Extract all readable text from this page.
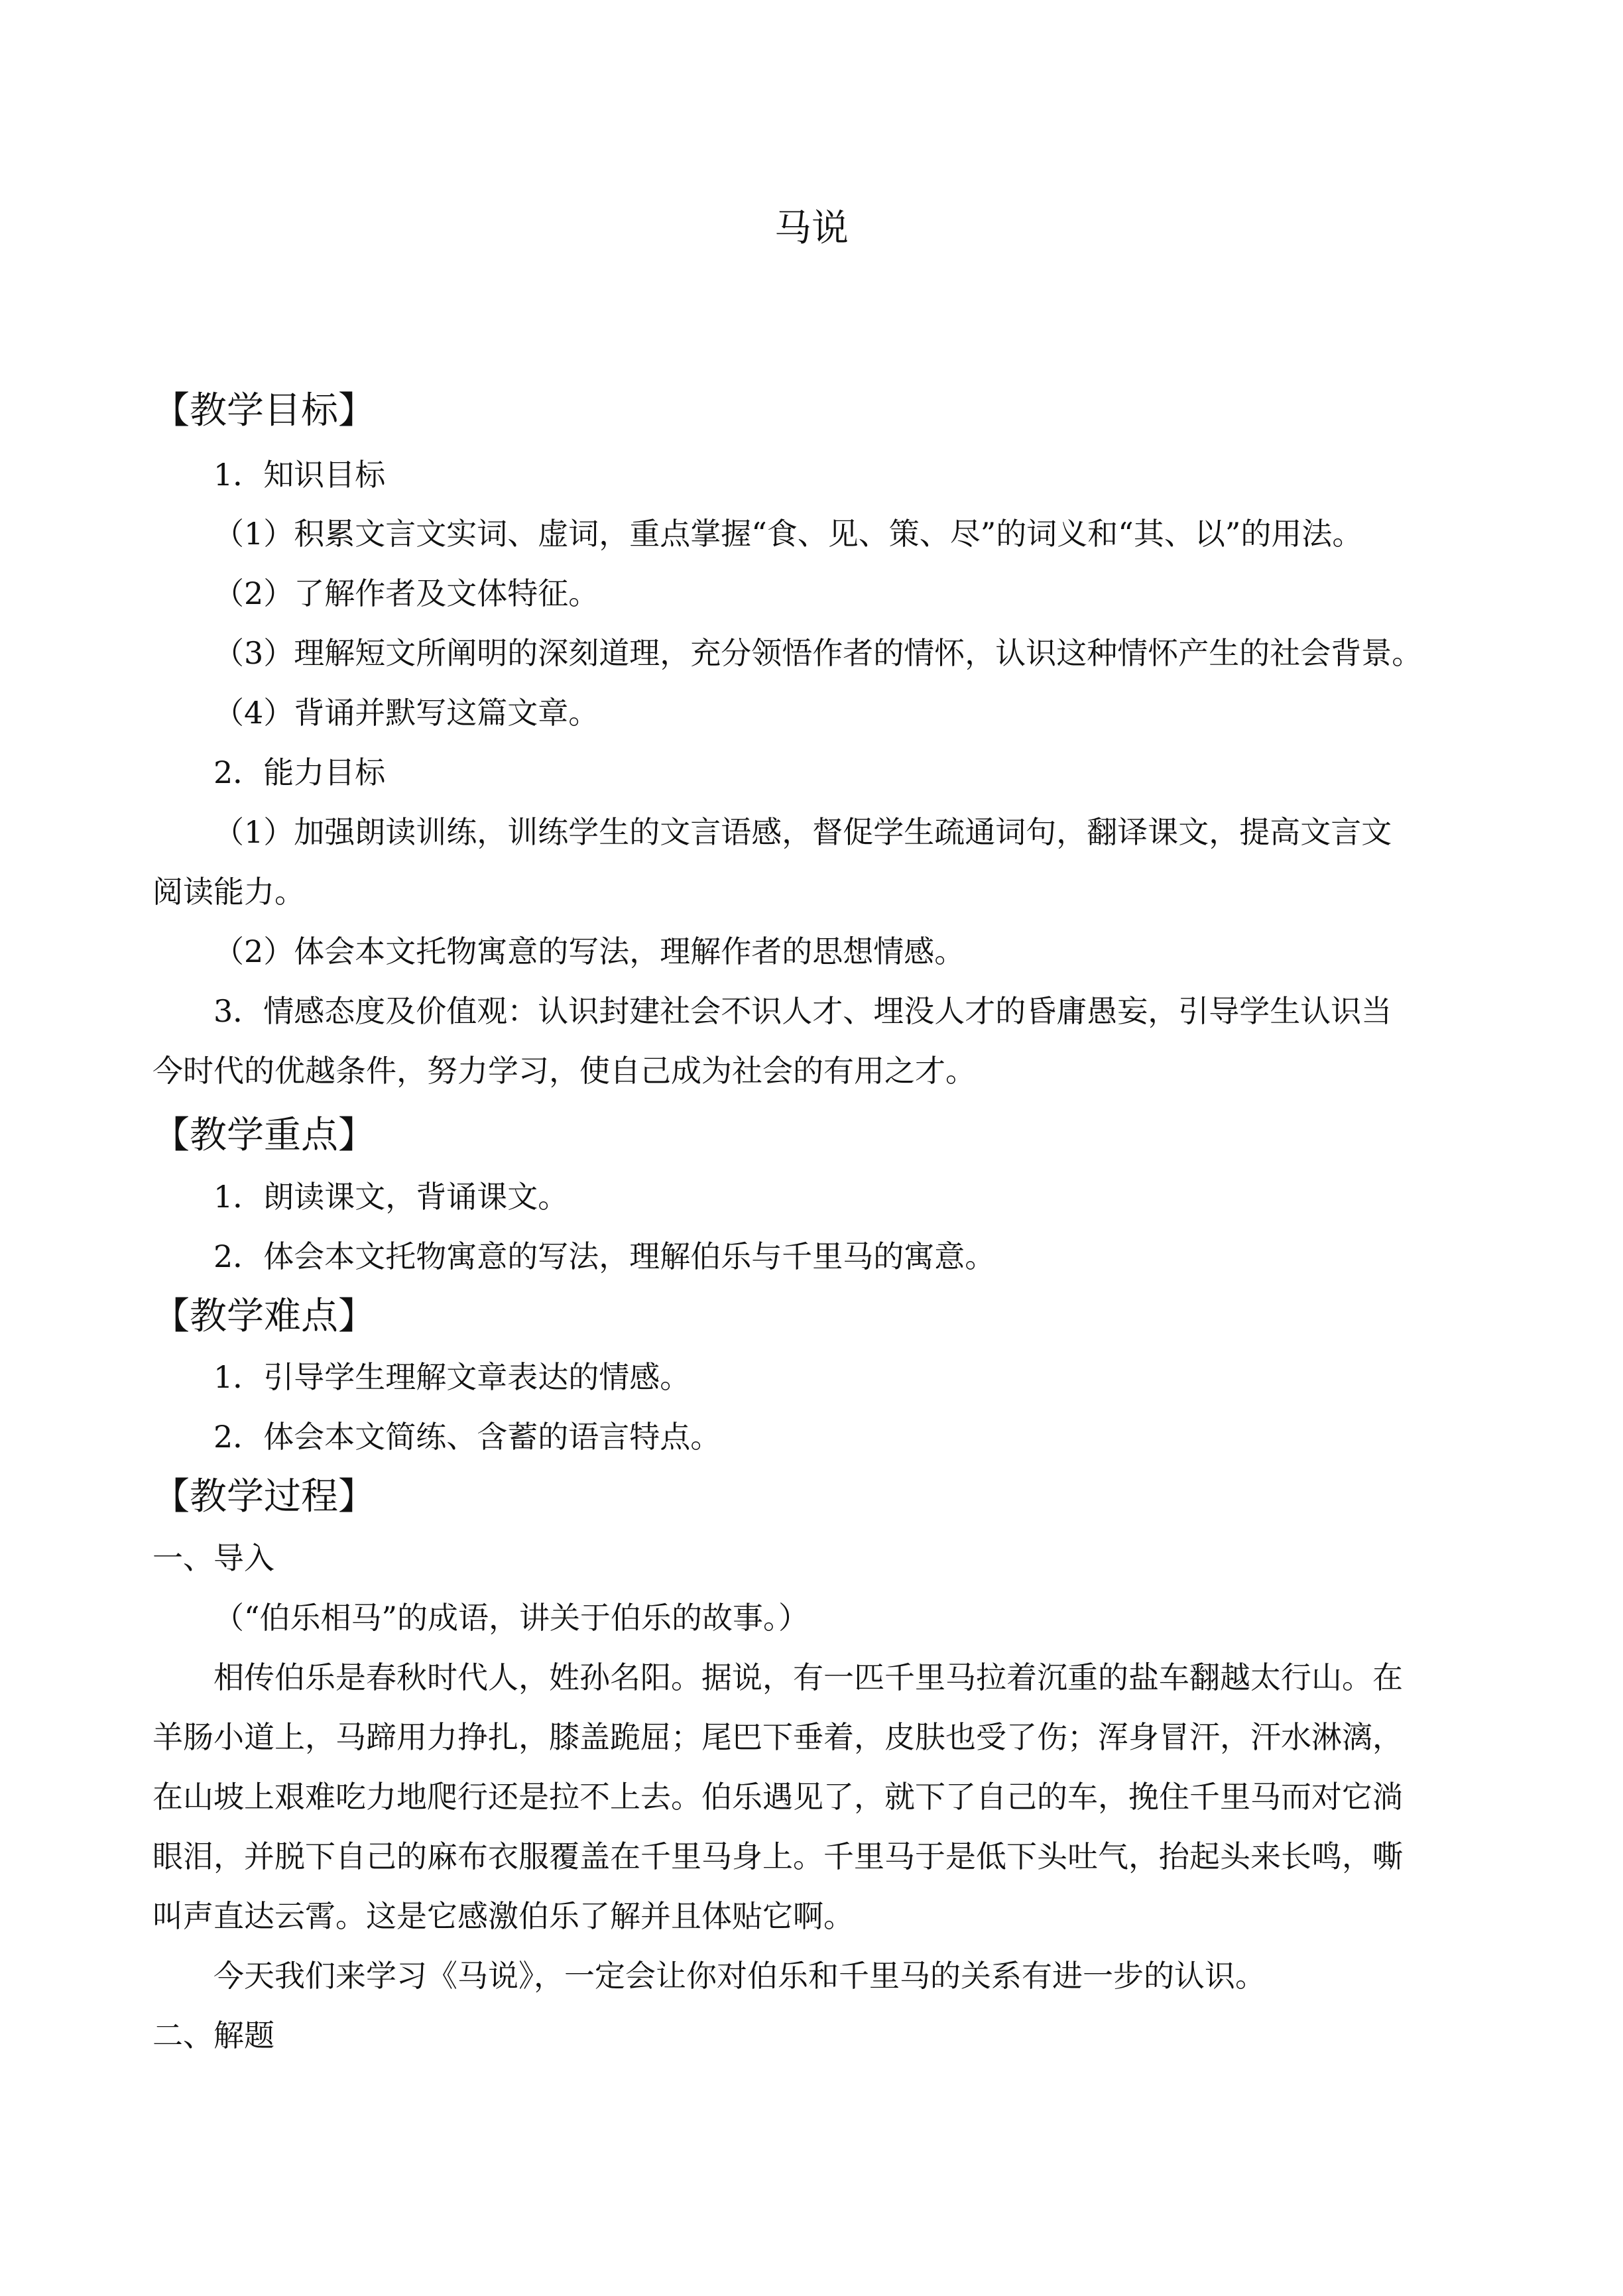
马说
【教学目标】
1．知识目标
（1）积累文言文实词、虚词，重点掌握“食、见、策、尽”的词义和“其、以”的用法。
（2）了解作者及文体特征。
（3）理解短文所阐明的深刻道理，充分领悟作者的情怀，认识这种情怀产生的社会背景。
（4）背诵并默写这篇文章。
2．能力目标
（1）加强朗读训练，训练学生的文言语感，督促学生疏通词句，翻译课文，提高文言文
阅读能力。
（2）体会本文托物寓意的写法，理解作者的思想情感。
3．情感态度及价值观：认识封建社会不识人才、埋没人才的昏庸愚妄，引导学生认识当
今时代的优越条件，努力学习，使自己成为社会的有用之才。
【教学重点】
1．朗读课文，背诵课文。
2．体会本文托物寓意的写法，理解伯乐与千里马的寓意。
【教学难点】
1．引导学生理解文章表达的情感。
2．体会本文简练、含蓄的语言特点。
【教学过程】
一、导入
（“伯乐相马”的成语，讲关于伯乐的故事。）
相传伯乐是春秋时代人，姓孙名阳。据说，有一匹千里马拉着沉重的盐车翻越太行山。在
羊肠小道上，马蹄用力挣扎，膝盖跪屈；尾巴下垂着，皮肤也受了伤；浑身冒汗，汗水淋漓，
在山坡上艰难吃力地爬行还是拉不上去。伯乐遇见了，就下了自己的车，挽住千里马而对它淌
眼泪，并脱下自己的麻布衣服覆盖在千里马身上。千里马于是低下头吐气，抬起头来长鸣，嘶
叫声直达云霄。这是它感激伯乐了解并且体贴它啊。
今天我们来学习《马说》，一定会让你对伯乐和千里马的关系有进一步的认识。
二、解题
